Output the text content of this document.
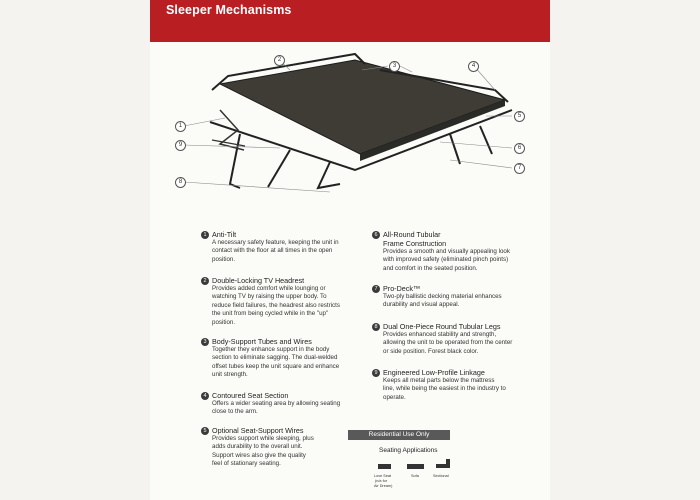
Sleeper Mechanisms
2
3	4
1
5
9	6
7
8
1 Anti-Tilt
A necessary safety feature, keeping the unit in
contact with the floor at all times in the open
position.
2 Double-Locking TV Headrest
Provides added comfort while lounging or
watching TV by raising the upper body. To
reduce field failures, the headrest also restricts
the unit from being cycled while in the "up"
position.
3 Body-Support Tubes and Wires
Together they enhance support in the body
section to eliminate sagging. The dual-welded
offset tubes keep the unit square and enhance
unit strength.
4 Contoured Seat Section
Offers a wider seating area by allowing seating
close to the arm.
5 Optional Seat-Support Wires
Provides support while sleeping, plus
adds durability to the overall unit.
Support wires also give the quality
feel of stationary seating.
6 All-Round Tubular
Frame Construction
Provides a smooth and visually appealing look
with improved safety (eliminated pinch points)
and comfort in the seated position.
7 Pro-Deck™
Two-ply ballistic decking material enhances
durability and visual appeal.
8 Dual One-Piece Round Tubular Legs
Provides enhanced stability and strength,
allowing the unit to be operated from the center
or side position. Forest black color.
9 Engineered Low-Profile Linkage
Keeps all metal parts below the mattress
line, while being the easiest in the industry to
operate.
Residential Use Only
Seating Applications
Love Seat
(n/a for
Air Dream)
Sofa	Sectional
